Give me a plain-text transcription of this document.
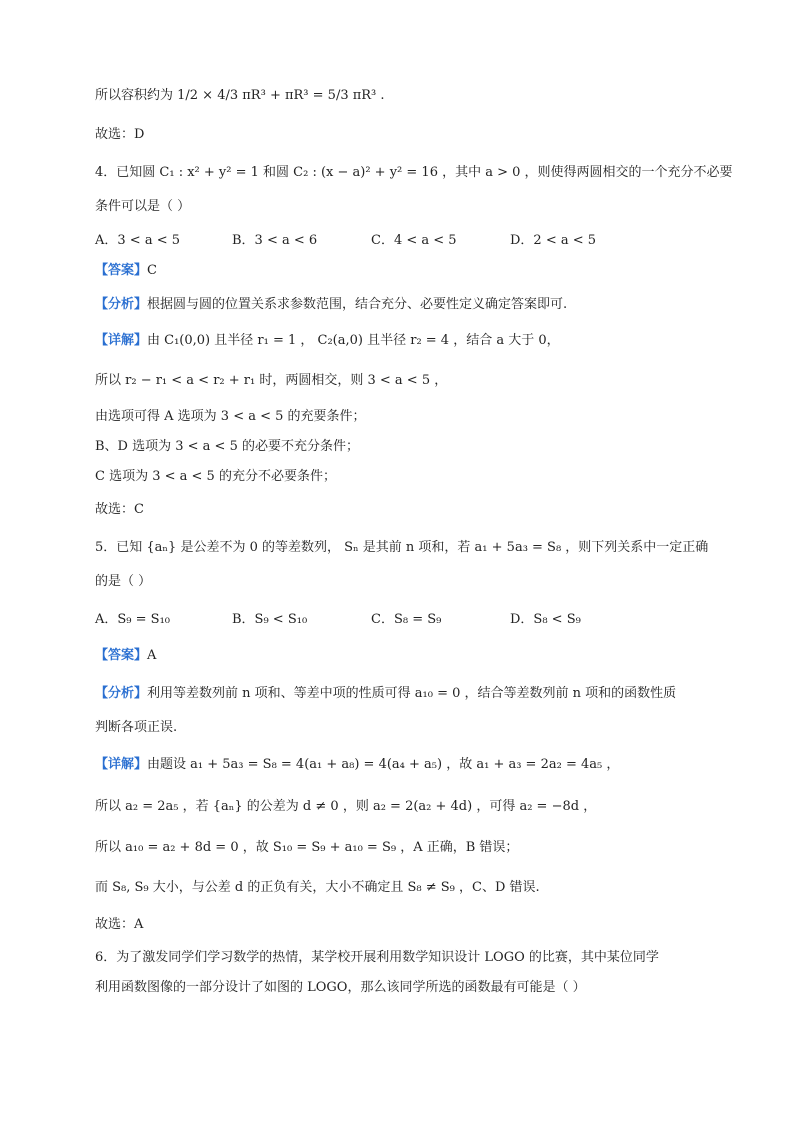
所以容积约为 1/2 × 4/3 πR³ + πR³ = 5/3 πR³ .
故选：D
4．已知圆 C₁ : x² + y² = 1 和圆 C₂ : (x − a)² + y² = 16 ，其中 a > 0 ，则使得两圆相交的一个充分不必要
条件可以是（ ）
A．3 < a < 5	B．3 < a < 6	C．4 < a < 5	D．2 < a < 5
【答案】C
【分析】根据圆与圆的位置关系求参数范围，结合充分、必要性定义确定答案即可.
【详解】由 C₁(0,0) 且半径 r₁ = 1 ， C₂(a,0) 且半径 r₂ = 4 ，结合 a 大于 0，
所以 r₂ − r₁ < a < r₂ + r₁ 时，两圆相交，则 3 < a < 5 ，
由选项可得 A 选项为 3 < a < 5 的充要条件；
B、D 选项为 3 < a < 5 的必要不充分条件；
C 选项为 3 < a < 5 的充分不必要条件；
故选：C
5．已知 {aₙ} 是公差不为 0 的等差数列， Sₙ 是其前 n 项和，若 a₁ + 5a₃ = S₈ ，则下列关系中一定正确
的是（ ）
A．S₉ = S₁₀	B．S₉ < S₁₀	C．S₈ = S₉	D．S₈ < S₉
【答案】A
【分析】利用等差数列前 n 项和、等差中项的性质可得 a₁₀ = 0 ，结合等差数列前 n 项和的函数性质
判断各项正误.
【详解】由题设 a₁ + 5a₃ = S₈ = 4(a₁ + a₈) = 4(a₄ + a₅) ，故 a₁ + a₃ = 2a₂ = 4a₅ ，
所以 a₂ = 2a₅ ，若 {aₙ} 的公差为 d ≠ 0 ，则 a₂ = 2(a₂ + 4d) ，可得 a₂ = −8d ，
所以 a₁₀ = a₂ + 8d = 0 ，故 S₁₀ = S₉ + a₁₀ = S₉ ，A 正确，B 错误；
而 S₈, S₉ 大小，与公差 d 的正负有关，大小不确定且 S₈ ≠ S₉ ，C、D 错误.
故选：A
6．为了激发同学们学习数学的热情，某学校开展利用数学知识设计 LOGO 的比赛，其中某位同学
利用函数图像的一部分设计了如图的 LOGO，那么该同学所选的函数最有可能是（ ）
